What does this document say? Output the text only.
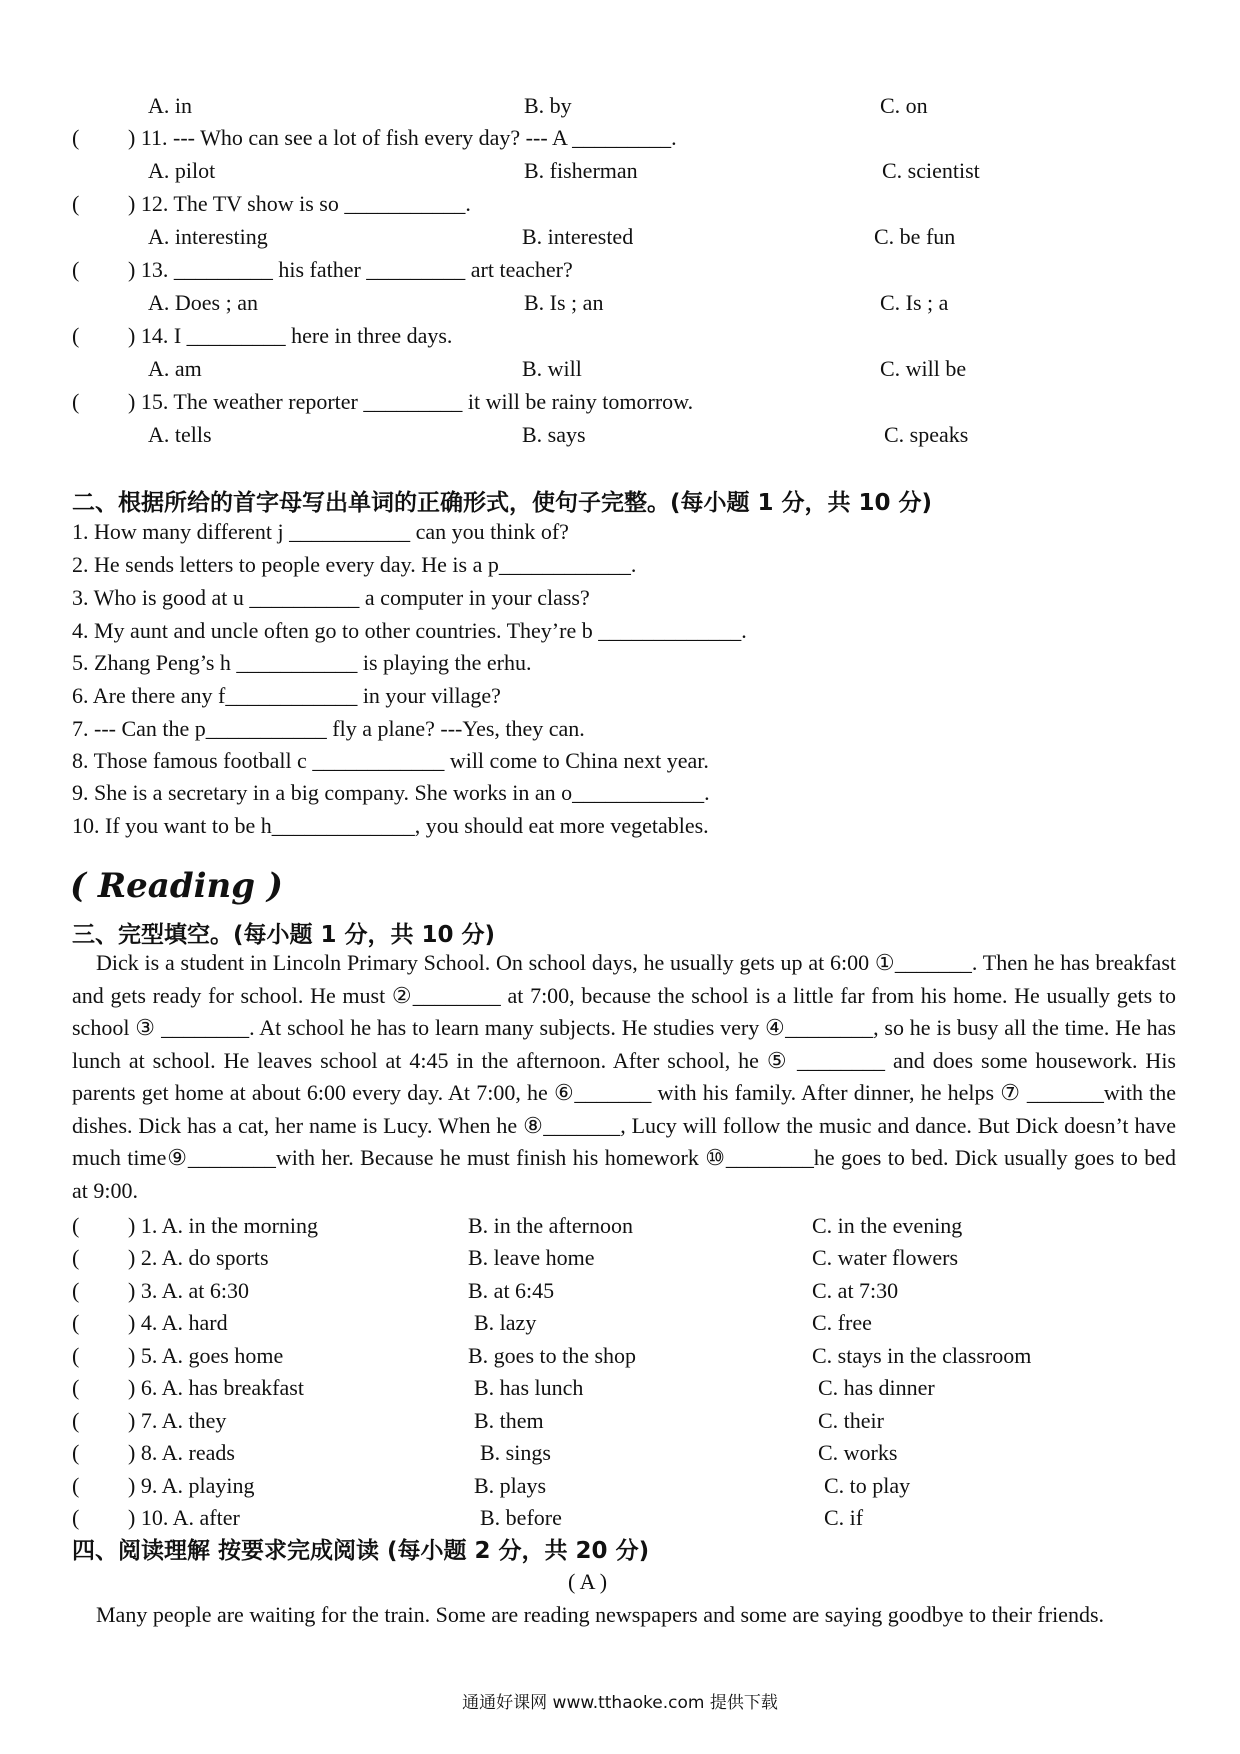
A. in	B. by	C. on
( ) 11. --- Who can see a lot of fish every day? --- A _________.
A. pilot	B. fisherman	C. scientist
( ) 12. The TV show is so ___________.
A. interesting	B. interested	C. be fun
( ) 13. _________ his father _________ art teacher?
A. Does ; an	B. Is ; an	C. Is ; a
( ) 14. I _________ here in three days.
A. am	B. will	C. will be
( ) 15. The weather reporter _________ it will be rainy tomorrow.
A. tells	B. says	C. speaks
二、根据所给的首字母写出单词的正确形式，使句子完整。(每小题 1 分，共 10 分)
1. How many different j ___________ can you think of?
2. He sends letters to people every day. He is a p____________.
3. Who is good at u __________ a computer in your class?
4. My aunt and uncle often go to other countries. They’re b _____________.
5. Zhang Peng’s h ___________ is playing the erhu.
6. Are there any f____________ in your village?
7. --- Can the p___________ fly a plane? ---Yes, they can.
8. Those famous football c ____________ will come to China next year.
9. She is a secretary in a big company. She works in an o____________.
10. If you want to be h_____________, you should eat more vegetables.
( Reading )
三、完型填空。(每小题 1 分，共 10 分)
Dick is a student in Lincoln Primary School. On school days, he usually gets up at 6:00 ①_______. Then he has breakfast and gets ready for school. He must ②________ at 7:00, because the school is a little far from his home. He usually gets to school ③ ________. At school he has to learn many subjects. He studies very ④________, so he is busy all the time. He has lunch at school. He leaves school at 4:45 in the afternoon. After school, he ⑤ ________ and does some housework. His parents get home at about 6:00 every day. At 7:00, he ⑥_______ with his family. After dinner, he helps ⑦ _______with the dishes. Dick has a cat, her name is Lucy. When he ⑧_______, Lucy will follow the music and dance. But Dick doesn’t have much time⑨________with her. Because he must finish his homework ⑩________he goes to bed. Dick usually goes to bed at 9:00.
( ) 1. A. in the morning	B. in the afternoon	C. in the evening
( ) 2. A. do sports	B. leave home	C. water flowers
( ) 3. A. at 6:30	B. at 6:45	C. at 7:30
( ) 4. A. hard	B. lazy	C. free
( ) 5. A. goes home	B. goes to the shop	C. stays in the classroom
( ) 6. A. has breakfast	B. has lunch	C. has dinner
( ) 7. A. they	B. them	C. their
( ) 8. A. reads	B. sings	C. works
( ) 9. A. playing	B. plays	C. to play
( ) 10. A. after	B. before	C. if
四、阅读理解 按要求完成阅读 (每小题 2 分，共 20 分)
( A )
Many people are waiting for the train. Some are reading newspapers and some are saying goodbye to their friends.
通通好课网 www.tthaoke.com 提供下载
